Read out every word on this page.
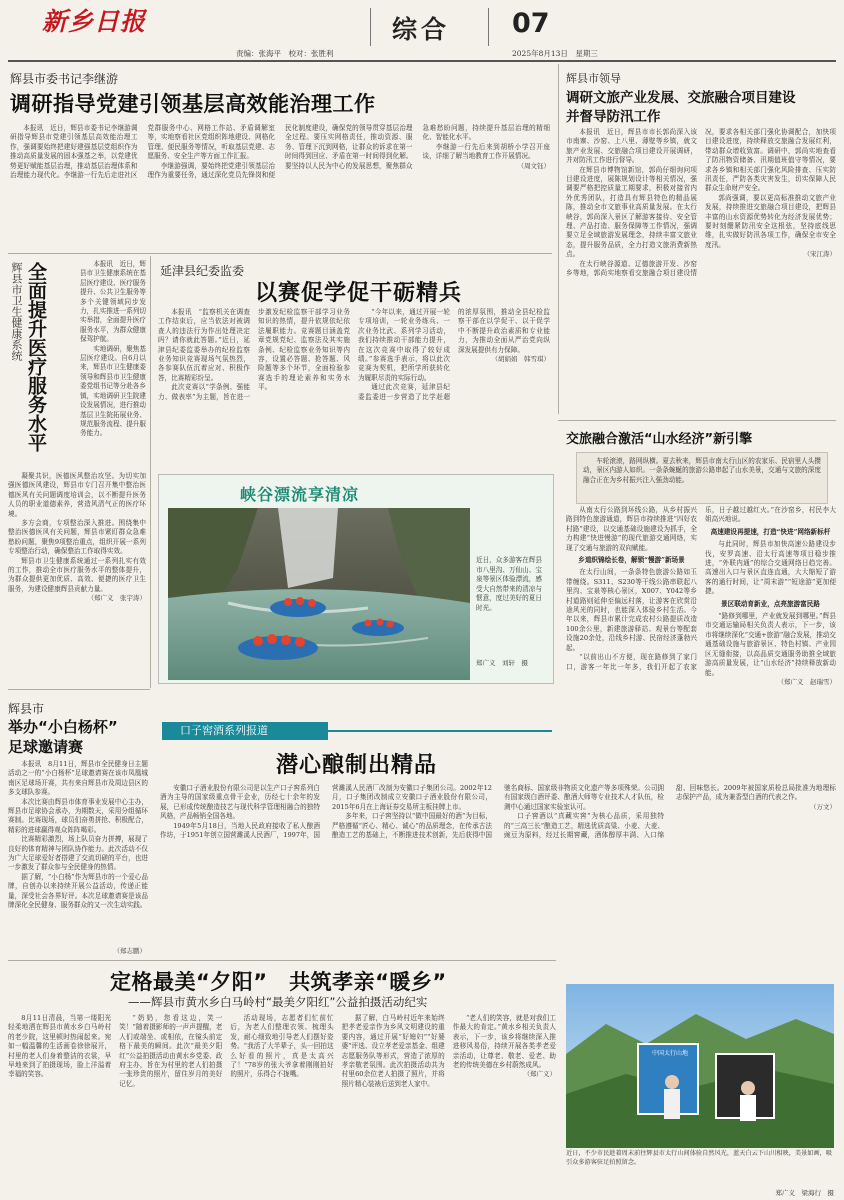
新乡日报	综合 07
责编：张海平　校对：张胜利	2025年8月13日　星期三
辉县市委书记李继游
调研指导党建引领基层高效能治理工作

本报讯　近日，辉县市委书记李继游调研指导辉县市党建引领基层高效能治理工作，强调要始终把建好建强基层党组织作为推动高质量发展的固本强基之举，以党建优势更好赋能基层治理，推动基层治理体系和治理能力现代化。李继游一行先后走进社区党群服务中心、网格工作站、矛盾调解室等，实地察看社区党组织阵地建设、网格化管理、便民服务等情况，听取基层党建、志愿服务、安全生产等方面工作汇报。

李继游强调，要始终把党建引领基层治理作为重要任务，通过深化党员先锋岗和便民化制度建设，确保党的领导贯穿基层治理全过程。要压实网格责任，推动资源、服务、管理下沉到网格，让群众的诉求在第一时间得到回应、矛盾在第一时间得到化解。要坚持以人民为中心的发展思想，聚焦群众急难愁盼问题，持续提升基层治理的精细化、智能化水平。

李继游一行先后来到胡桥小学召开座谈，详细了解当地教育工作开展情况。

（周文钰）
辉县市领导
调研文旅产业发展、交旅融合项目建设
并督导防汛工作

本报讯　近日，辉县市市长郭尚深入该市南寨、沙窑、上八里、薄壁等乡镇，就文旅产业发展、交旅融合项目建设开展调研，并对防汛工作进行督导。

在辉县市博物馆新馆，郭尚仔细询问项目建设进度，展陈规划设计等相关情况，强调要严格把控质量工期要求，积极对接省内外优秀团队，打造具有辉县特色的精品展陈，推动全市文旅事业高质量发展。在太行峡谷，郭尚深入景区了解游客接待、安全管理、产品打造、服务保障等工作情况，强调要立足全域旅游发展理念，持续丰富文旅业态，提升服务品质，全力打造文旅消费新热点。

在太行峡谷源道、辽德旅游开发、沙窑乡等地，郭尚实地察看交旅融合项目建设情况，要求各相关部门强化协调配合，加快项目建设进度，持续释放交旅融合发展红利，带动群众增收致富。调研中，郭尚实地查看了防汛物资储备、汛期值班值守等情况，要求各乡镇和相关部门强化风险排查、压实防汛责任，严防各类灾害发生，切实保障人民群众生命财产安全。

郭尚强调，要以更高标准推动文旅产业发展，持续推进交旅融合项目建设，把辉县丰富的山水资源优势转化为经济发展优势；要时刻绷紧防汛安全这根弦，坚持底线思维，扎实做好防汛各项工作，确保全市安全度汛。

（宋江涛）
辉县市卫生健康系统 全面提升医疗服务水平	本报讯　近日，辉县市卫生健康系统在基层医疗建设、医疗服务提升、公共卫生服务等多个关键领域同步发力，扎实推进一系列切实举措，全面提升医疗服务水平，为群众健康保驾护航。

实地调研，聚焦基层医疗建设。自6月以来，辉县市卫生健康委领导和辉县市卫生健康委党组书记等分赴各乡镇，实地调研卫生院建设发展情况，进行推动基层卫生院拓展业务、规范服务流程、提升服务能力。

凝聚共识，医德医风整治攻坚。为切实加强医德医风建设，辉县市专门召开集中整治医德医风有关问题调度培训会，以不断提升医务人员的职业道德素养，营造风清气正的医疗环境。

多方会商，专项整治深入推进。围绕集中整治医德医风有关问题，辉县市紧盯群众急难愁盼问题，聚焦9项整治重点，组织开展一系列专项整治行动，确保整治工作取得实效。

辉县市卫生健康系统通过一系列扎实有效的工作，推动全市医疗服务水平的整体提升，为群众提供更加优质、高效、便捷的医疗卫生服务，为建设健康辉县贡献力量。

（郑广义　张宇涛）
延津县纪委监委
以赛促学促干砺精兵

本报讯　“监察机关在调查工作结束后，应当依法对被调查人的违法行为作出处理决定吗？请你就此答题。”近日，延津县纪委监委举办的纪检监察业务知识竞赛现场气氛热烈，各参赛队伍沉着应对、积极作答，比赛精彩纷呈。

此次竞赛以“学条例、强能力、做表率”为主题，旨在进一步激发纪检监察干部学习业务知识的热情，提升依规依纪依法履职能力。竞赛题目涵盖党章党规党纪、监察法及其实施条例、纪检监察业务知识等内容，设置必答题、抢答题、风险题等多个环节，全面检验参赛选手的理论素养和实务水平。

“今年以来，通过开展一轮专项培训，一轮业务练兵、一次业务比武、系列学习活动，我们持续推动干部能力提升，在这次竞赛中取得了较好成绩。”参赛选手表示，将以此次竞赛为契机，把所学所获转化为履职尽责的实际行动。

通过此次竞赛，延津县纪委监委进一步营造了比学赶超的浓厚氛围，推动全县纪检监察干部在以学促干、以干促学中不断提升政治素质和专业能力，为推动全面从严治党向纵深发展提供有力保障。

（胡娟娟　韩雪琪）
峡谷漂流享清凉
近日，众多游客在辉县市八里沟、万仙山、宝泉等景区体验漂流，感受大自然带来的清凉与惬意，度过美好的夏日时光。
郑广义　刘轩　摄
交旅融合激活“山水经济”新引擎
车轮滚滚，路网纵横。夏去秋来，辉县市南太行山区的农家乐、民宿里人头攒动，景区内游人如织。一条条蜿蜒的旅游公路串起了山水美景，交通与文旅的深度融合正在为乡村振兴注入强劲动能。

从南太行公路到环线公路，从乡村振兴路到特色旅游通道，辉县市持续推进“四好农村路”建设，以交通基础设施建设为抓手，全力构建“快进慢游”的现代旅游交通网络，实现了交通与旅游的双向赋能。

乡道织锦绘长卷，解锁“慢游”新场景

在太行山间，一条条特色旅游公路如玉带缠绕。S311、S230等干线公路串联起八里沟、宝泉等核心景区，X007、Y042等乡村道路则延伸至偏远村落，让游客在欣赏沿途风光的同时，也能深入体验乡村生活。今年以来，辉县市累计完成农村公路提质改造100余公里，新建旅游驿站、观景台等配套设施20余处，沿线乡村游、民宿经济蓬勃兴起。

“以前出山不方便，现在路修到了家门口，游客一年比一年多，我们开起了农家乐，日子越过越红火。”在沙窑乡，村民李大姐高兴地说。

高速建设再提速，打造“快进”网络新标杆

与此同时，辉县市加快高速公路建设步伐，安罗高速、沿太行高速等项目稳步推进，“外联内通”的综合交通网络日趋完善。高速出入口与景区直连直通，大大缩短了游客的通行时间，让“周末游”“短途游”更加便捷。

景区联动育新业，点亮旅游富民路

“路修到哪里，产业就发展到哪里。”辉县市交通运输局相关负责人表示，下一步，该市将继续深化“交通+旅游”融合发展，推动交通基础设施与旅游景区、特色村镇、产业园区无缝衔接，以高品质交通服务助推全域旅游高质量发展，让“山水经济”持续释放新动能。

（郑广义　赵瑞雪）
中国太行山地
近日，不少市民趁着周末前往辉县市太行山间体验自然风光，蓝天白云下山川相映，美景如画，吸引众多游客驻足拍照留念。
郑广义　梁海行　摄
辉县市
举办“小白杨杯”
足球邀请赛

本报讯　8月11日，辉县市全民健身日主题活动之一的“小白杨杯”足球邀请赛在该市凤凰城南区足球场开赛，共有来自辉县市及周边县区的多支球队参赛。

本次比赛由辉县市体育事业发展中心主办，辉县市足球协会承办，为期数天，采用分组循环赛制。比赛现场，球员们奋勇拼抢、积极配合，精彩的进球赢得观众阵阵喝彩。

比赛精彩激烈，场上队员奋力拼搏，展现了良好的体育精神与团队协作能力。此次活动不仅为广大足球爱好者搭建了交流切磋的平台，也进一步激发了群众参与全民健身的热情。

据了解，“小白杨”作为辉县市的一个爱心品牌，自创办以来持续开展公益活动，传递正能量，深受社会各界好评。本次足球邀请赛是该品牌深化全民健身、服务群众的又一次生动实践。

（郑志鹏）
口子窖酒系列报道
潜心酿制出精品

安徽口子酒业股份有限公司是以生产口子窖系列白酒为主导的国家级重点骨干企业，历经七十余年的发展，已形成传统酿造技艺与现代科学管理相融合的独特风格，产品畅销全国各地。

1949年5月18日，当地人民政府接收了私人酿酒作坊，于1951年创立国营濉溪人民酒厂，1997年，国营濉溪人民酒厂改制为安徽口子集团公司。2002年12月，口子集团改制成立安徽口子酒业股份有限公司，2015年6月在上海证券交易所主板挂牌上市。

多年来，口子窖坚持以“做中国最好的酒”为目标，严格遵循“匠心、精心、诚心”的品质理念，在传承古法酿造工艺的基础上，不断推进技术创新，先后获得中国驰名商标、国家级非物质文化遗产等多项殊荣。公司拥有国家级白酒评委、酿酒大师等专业技术人才队伍，检测中心通过国家实验室认可。

口子窖酒以“真藏实窖”为核心品质，采用独特的“三高三长”酿造工艺，精选优质高粱、小麦、大麦、豌豆为原料，经过长期窖藏，酒体醇厚丰满、入口绵甜、回味悠长。2009年被国家质检总局批准为地理标志保护产品，成为兼香型白酒的代表之作。

（万文）
定格最美“夕阳”　共筑孝亲“暖乡”
——辉县市黄水乡白马岭村“最美夕阳红”公益拍摄活动纪实

8月11日清晨，当第一缕阳光轻柔地洒在辉县市黄水乡白马岭村的老少院，这里顿时热闹起来。宛如一幅温馨的生活画卷徐徐展开，村里的老人们身着整洁的衣裳，早早地来到了拍摄现场，脸上洋溢着幸福的笑容。

“奶奶，您看这边，笑一笑！”随着摄影师的一声声提醒，老人们或端坐、或相依，在镜头前定格下最美的瞬间。此次“最美夕阳红”公益拍摄活动由黄水乡党委、政府主办，旨在为村里的老人们拍摄一张珍贵的照片，留住岁月的美好记忆。

活动现场，志愿者们忙前忙后，为老人们整理衣领、梳理头发，耐心细致地引导老人们摆好姿势。“我活了大半辈子，头一回拍这么好看的照片，真是太高兴了！”78岁的张大爷拿着刚刚拍好的照片，乐得合不拢嘴。

据了解，白马岭村近年来始终把孝老爱亲作为乡风文明建设的重要内容，通过开展“好媳妇”“好婆婆”评选、设立孝老爱亲基金、组建志愿服务队等形式，营造了浓厚的孝亲敬老氛围。此次拍摄活动共为村里60余位老人拍摄了照片，并将照片精心装裱后送到老人家中。

“老人们的笑容，就是对我们工作最大的肯定。”黄水乡相关负责人表示，下一步，该乡将继续深入推进移风易俗，持续开展各类孝老爱亲活动，让尊老、敬老、爱老、助老的传统美德在乡村蔚然成风。

（郑广义）
